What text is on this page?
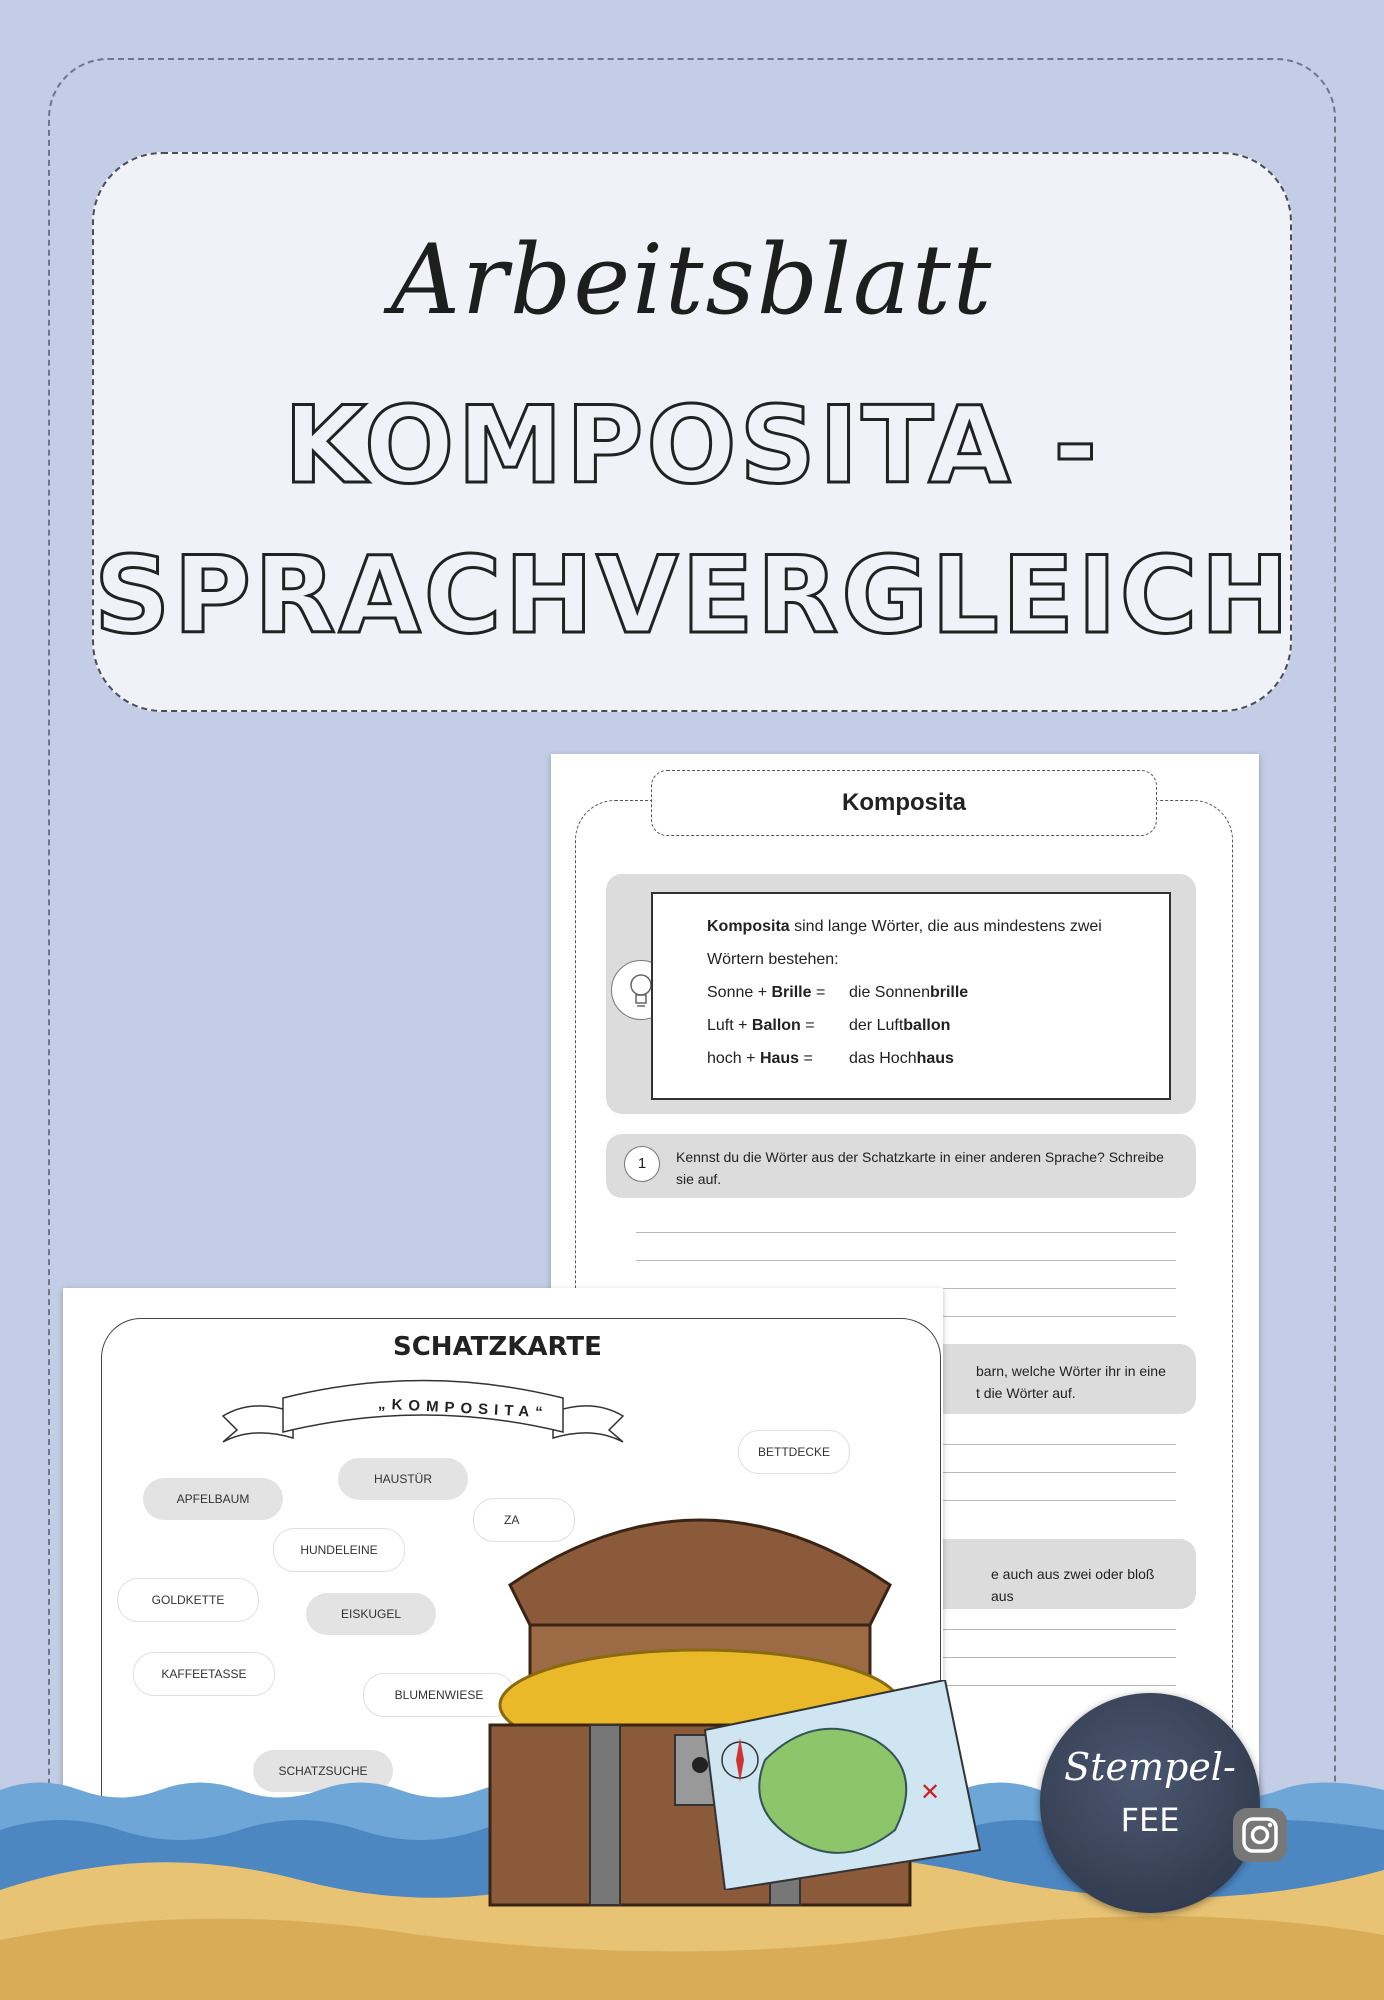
Arbeitsblatt
KOMPOSITA -
SPRACHVERGLEICH
Komposita
Komposita sind lange Wörter, die aus mindestens zwei
Wörtern bestehen:
Sonne + Brille = die Sonnenbrille
Luft + Ballon = der Luftballon
hoch + Haus = das Hochhaus
1	Kennst du die Wörter aus der Schatzkarte in einer anderen Sprache? Schreibe sie auf.
barn, welche Wörter ihr in eine
t die Wörter auf.
e auch aus zwei oder bloß aus
SCHATZKARTE
„KOMPOSITA“
BETTDECKE
HAUSTÜR
APFELBAUM
ZA
HUNDELEINE
GOLDKETTE
EISKUGEL
KAFFEETASSE
BLUMENWIESE
SCHATZSUCHE
✕
Stempel-
FEE
